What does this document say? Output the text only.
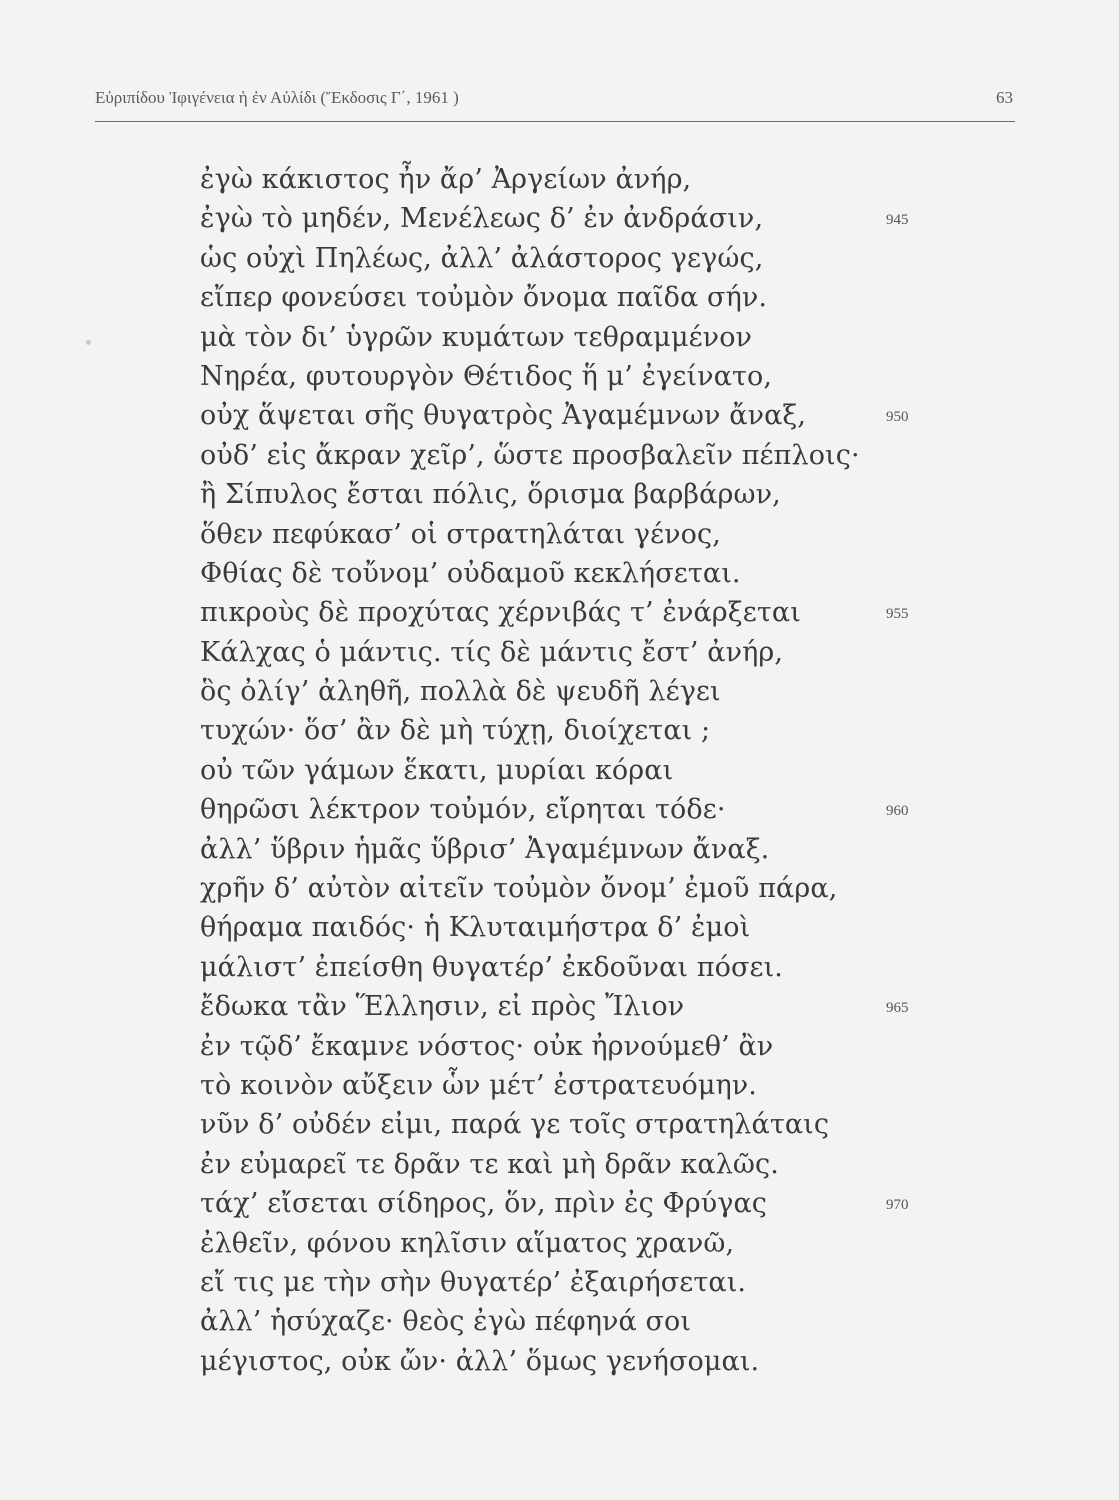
Εὐριπίδου Ἰφιγένεια ἡ ἐν Αὐλίδι (Ἔκδοσις Γ΄, 1961 )	63
ἐγὼ κάκιστος ἦν ἄρ’ Ἀργείων ἀνήρ,
ἐγὼ τὸ μηδέν, Μενέλεως δ’ ἐν ἀνδράσιν,	945
ὡς οὐχὶ Πηλέως, ἀλλ’ ἀλάστορος γεγώς,
εἴπερ φονεύσει τοὐμὸν ὄνομα παῖδα σήν.
μὰ τὸν δι’ ὑγρῶν κυμάτων τεθραμμένον
Νηρέα, φυτουργὸν Θέτιδος ἥ μ’ ἐγείνατο,
οὐχ ἅψεται σῆς θυγατρὸς Ἀγαμέμνων ἄναξ,	950
οὐδ’ εἰς ἄκραν χεῖρ’, ὥστε προσβαλεῖν πέπλοις·
ἢ Σίπυλος ἔσται πόλις, ὅρισμα βαρβάρων,
ὅθεν πεφύκασ’ οἱ στρατηλάται γένος,
Φθίας δὲ τοὔνομ’ οὐδαμοῦ κεκλήσεται.
πικροὺς δὲ προχύτας χέρνιβάς τ’ ἐνάρξεται	955
Κάλχας ὁ μάντις. τίς δὲ μάντις ἔστ’ ἀνήρ,
ὃς ὀλίγ’ ἀληθῆ, πολλὰ δὲ ψευδῆ λέγει
τυχών· ὅσ’ ἂν δὲ μὴ τύχῃ, διοίχεται ;
οὐ τῶν γάμων ἕκατι, μυρίαι κόραι
θηρῶσι λέκτρον τοὐμόν, εἴρηται τόδε·	960
ἀλλ’ ὕβριν ἡμᾶς ὕβρισ’ Ἀγαμέμνων ἄναξ.
χρῆν δ’ αὐτὸν αἰτεῖν τοὐμὸν ὄνομ’ ἐμοῦ πάρα,
θήραμα παιδός· ἡ Κλυταιμήστρα δ’ ἐμοὶ
μάλιστ’ ἐπείσθη θυγατέρ’ ἐκδοῦναι πόσει.
ἔδωκα τἂν Ἕλλησιν, εἰ πρὸς Ἴλιον	965
ἐν τῷδ’ ἔκαμνε νόστος· οὐκ ἠρνούμεθ’ ἂν
τὸ κοινὸν αὔξειν ὧν μέτ’ ἐστρατευόμην.
νῦν δ’ οὐδέν εἰμι, παρά γε τοῖς στρατηλάταις
ἐν εὐμαρεῖ τε δρᾶν τε καὶ μὴ δρᾶν καλῶς.
τάχ’ εἴσεται σίδηρος, ὅν, πρὶν ἐς Φρύγας	970
ἐλθεῖν, φόνου κηλῖσιν αἵματος χρανῶ,
εἴ τις με τὴν σὴν θυγατέρ’ ἐξαιρήσεται.
ἀλλ’ ἡσύχαζε· θεὸς ἐγὼ πέφηνά σοι
μέγιστος, οὐκ ὤν· ἀλλ’ ὅμως γενήσομαι.
